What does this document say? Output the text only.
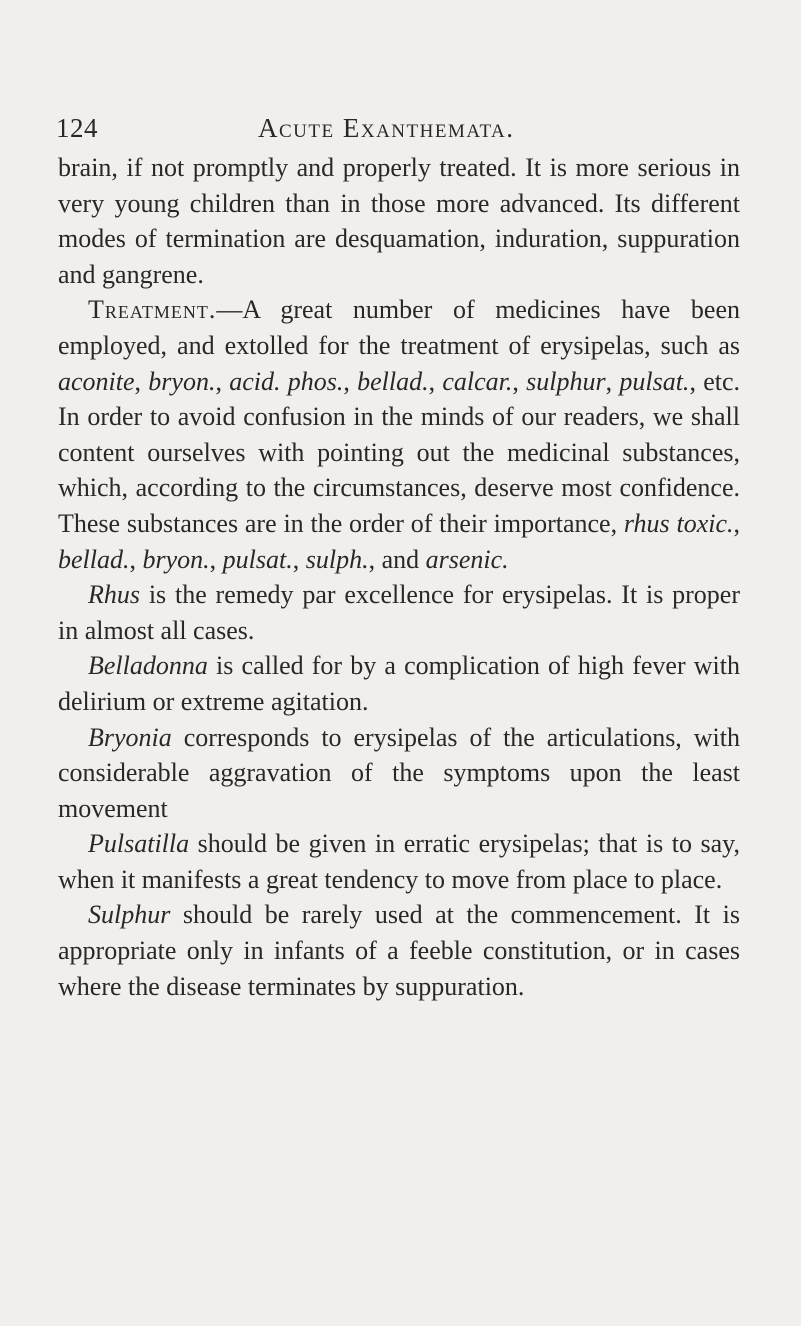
124	Acute Exanthemata.

brain, if not promptly and properly treated. It is more serious in very young children than in those more advanced. Its different modes of termination are desquamation, induration, suppuration and gangrene.

Treatment.—A great number of medicines have been employed, and extolled for the treatment of erysipelas, such as aconite, bryon., acid. phos., bellad., calcar., sulphur, pulsat., etc. In order to avoid confusion in the minds of our readers, we shall content ourselves with pointing out the medicinal substances, which, according to the circumstances, deserve most confidence. These substances are in the order of their importance, rhus toxic., bellad., bryon., pulsat., sulph., and arsenic.

Rhus is the remedy par excellence for erysipelas. It is proper in almost all cases.

Belladonna is called for by a complication of high fever with delirium or extreme agitation.

Bryonia corresponds to erysipelas of the articulations, with considerable aggravation of the symptoms upon the least movement

Pulsatilla should be given in erratic erysipelas; that is to say, when it manifests a great tendency to move from place to place.

Sulphur should be rarely used at the commencement. It is appropriate only in infants of a feeble constitution, or in cases where the disease terminates by suppuration.
